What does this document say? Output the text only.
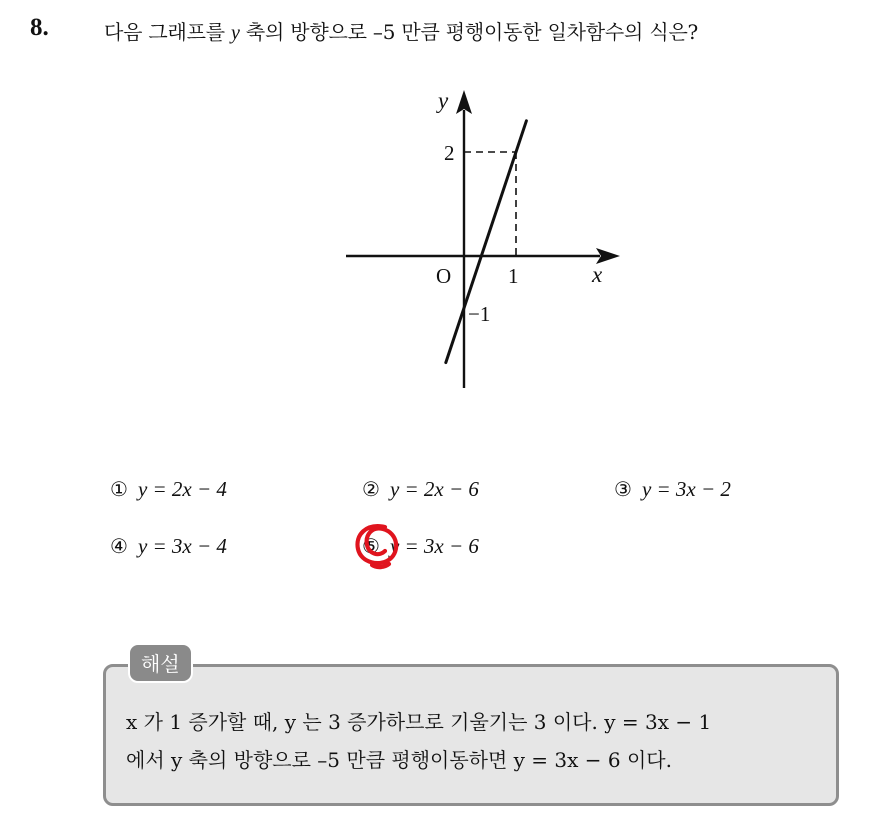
8.	다음 그래프를 y 축의 방향으로 –5 만큼 평행이동한 일차함수의 식은?
y
x
O
2
1
−1
① y = 2x − 4	② y = 2x − 6	③ y = 3x − 2
④ y = 3x − 4	⑤ y = 3x − 6
해설
x 가 1 증가할 때, y 는 3 증가하므로 기울기는 3 이다. y = 3x − 1
에서 y 축의 방향으로 –5 만큼 평행이동하면 y = 3x − 6 이다.
